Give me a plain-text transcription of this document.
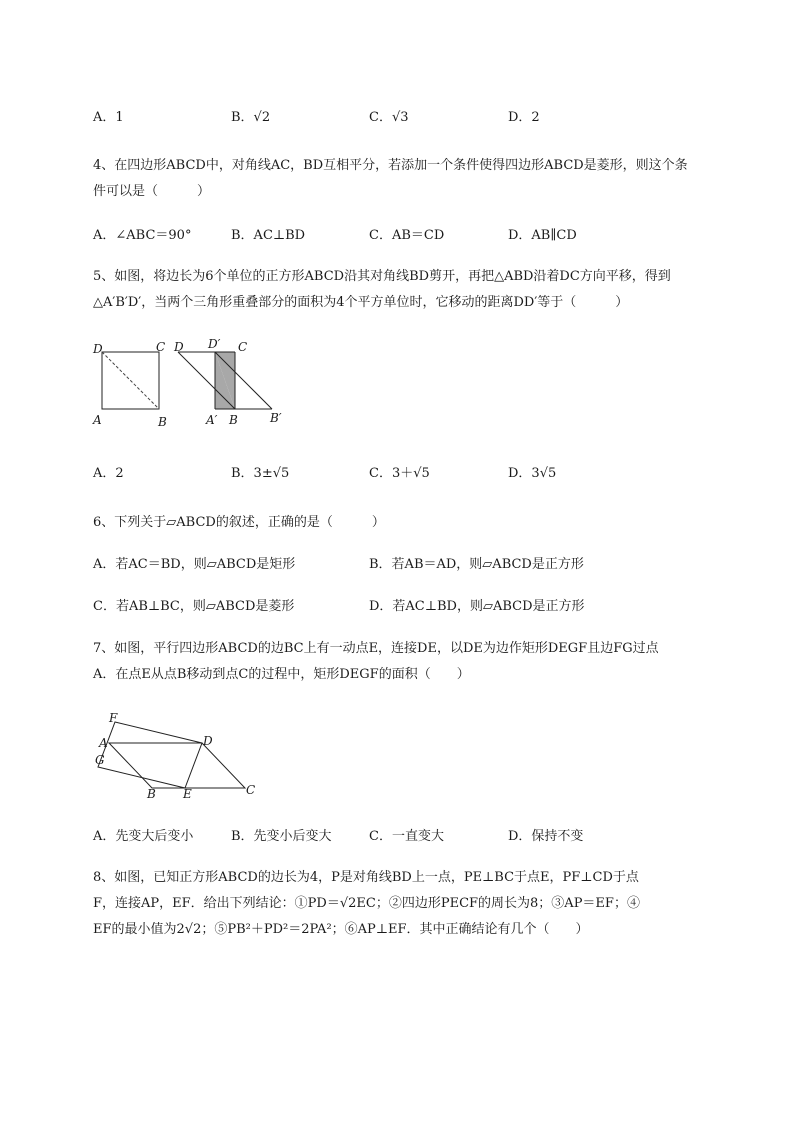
A．1	B．√2	C．√3	D．2
4、在四边形ABCD中，对角线AC，BD互相平分，若添加一个条件使得四边形ABCD是菱形，则这个条
件可以是（　　　）
A．∠ABC＝90°	B．AC⊥BD	C．AB＝CD	D．AB∥CD
5、如图，将边长为6个单位的正方形ABCD沿其对角线BD剪开，再把△ABD沿着DC方向平移，得到
△A′B′D′，当两个三角形重叠部分的面积为4个平方单位时，它移动的距离DD′等于（　　　）
D	C
A	B
D D′ C
A′ B	B′
A．2	B．3±√5	C．3＋√5	D．3√5
6、下列关于▱ABCD的叙述，正确的是（　　　）
A．若AC＝BD，则▱ABCD是矩形	B．若AB＝AD，则▱ABCD是正方形
C．若AB⊥BC，则▱ABCD是菱形	D．若AC⊥BD，则▱ABCD是正方形
7、如图，平行四边形ABCD的边BC上有一动点E，连接DE，以DE为边作矩形DEGF且边FG过点
A．在点E从点B移动到点C的过程中，矩形DEGF的面积（　　）
F
A
G
D
B E	C
A．先变大后变小	B．先变小后变大	C．一直变大	D．保持不变
8、如图，已知正方形ABCD的边长为4，P是对角线BD上一点，PE⊥BC于点E，PF⊥CD于点
F，连接AP，EF．给出下列结论：①PD＝√2EC；②四边形PECF的周长为8；③AP＝EF；④
EF的最小值为2√2；⑤PB²＋PD²＝2PA²；⑥AP⊥EF．其中正确结论有几个（　　）
